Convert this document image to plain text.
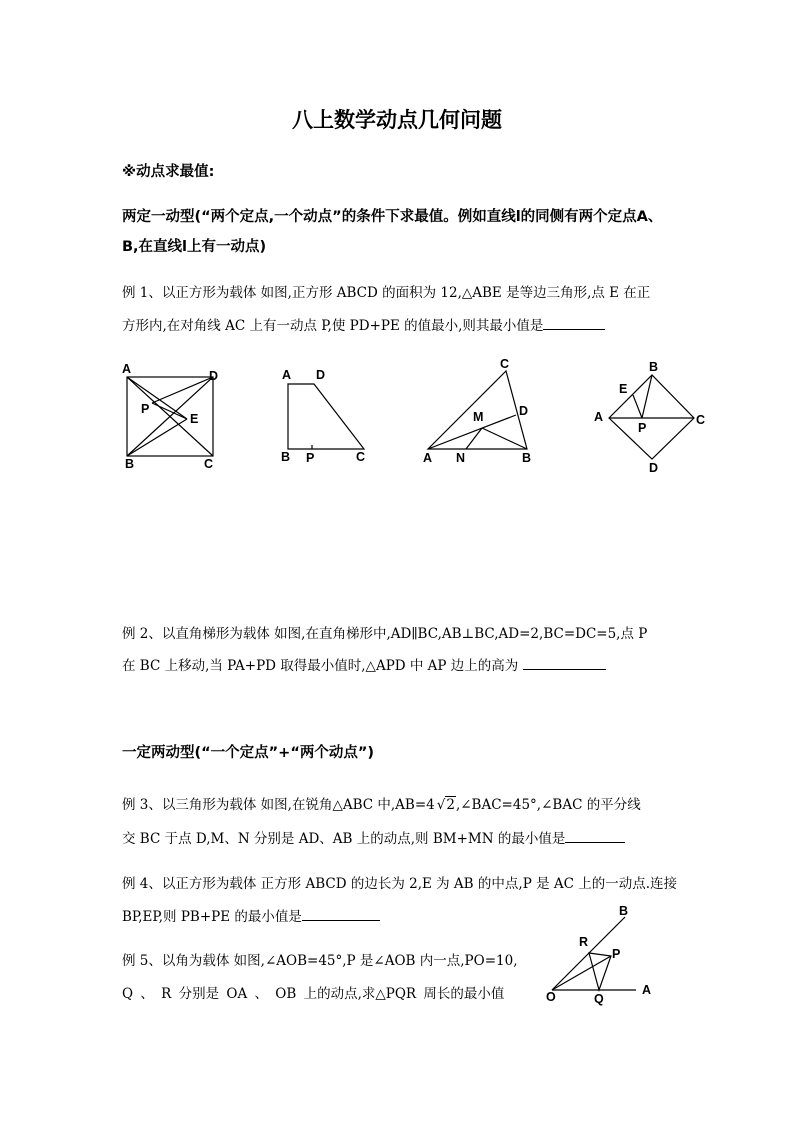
八上数学动点几何问题
※动点求最值:
两定一动型(“两个定点,一个动点”的条件下求最值。例如直线l的同侧有两个定点A、
B,在直线l上有一动点)
例 1、以正方形为载体 如图,正方形 ABCD 的面积为 12,△ABE 是等边三角形,点 E 在正
方形内,在对角线 AC 上有一动点 P,使 PD+PE 的值最小,则其最小值是
A	D
P
E
B	C
A D
B P	C
C
D
M
A N	B
B
E
A	C
P
D
例 2、以直角梯形为载体 如图,在直角梯形中,AD∥BC,AB⊥BC,AD=2,BC=DC=5,点 P
在 BC 上移动,当 PA+PD 取得最小值时,△APD 中 AP 边上的高为
一定两动型(“一个定点”+“两个动点”)
例 3、以三角形为载体 如图,在锐角△ABC 中,AB=4 √2,∠BAC=45°,∠BAC 的平分线
交 BC 于点 D,M、N 分别是 AD、AB 上的动点,则 BM+MN 的最小值是
例 4、以正方形为载体 正方形 ABCD 的边长为 2,E 为 AB 的中点,P 是 AC 上的一动点.连接
BP,EP,则 PB+PE 的最小值是
例 5、以角为载体 如图,∠AOB=45°,P 是∠AOB 内一点,PO=10,
Q 、 R 分别是 OA 、 OB 上的动点,求△PQR 周长的最小值
B
R
P
O	Q
A
